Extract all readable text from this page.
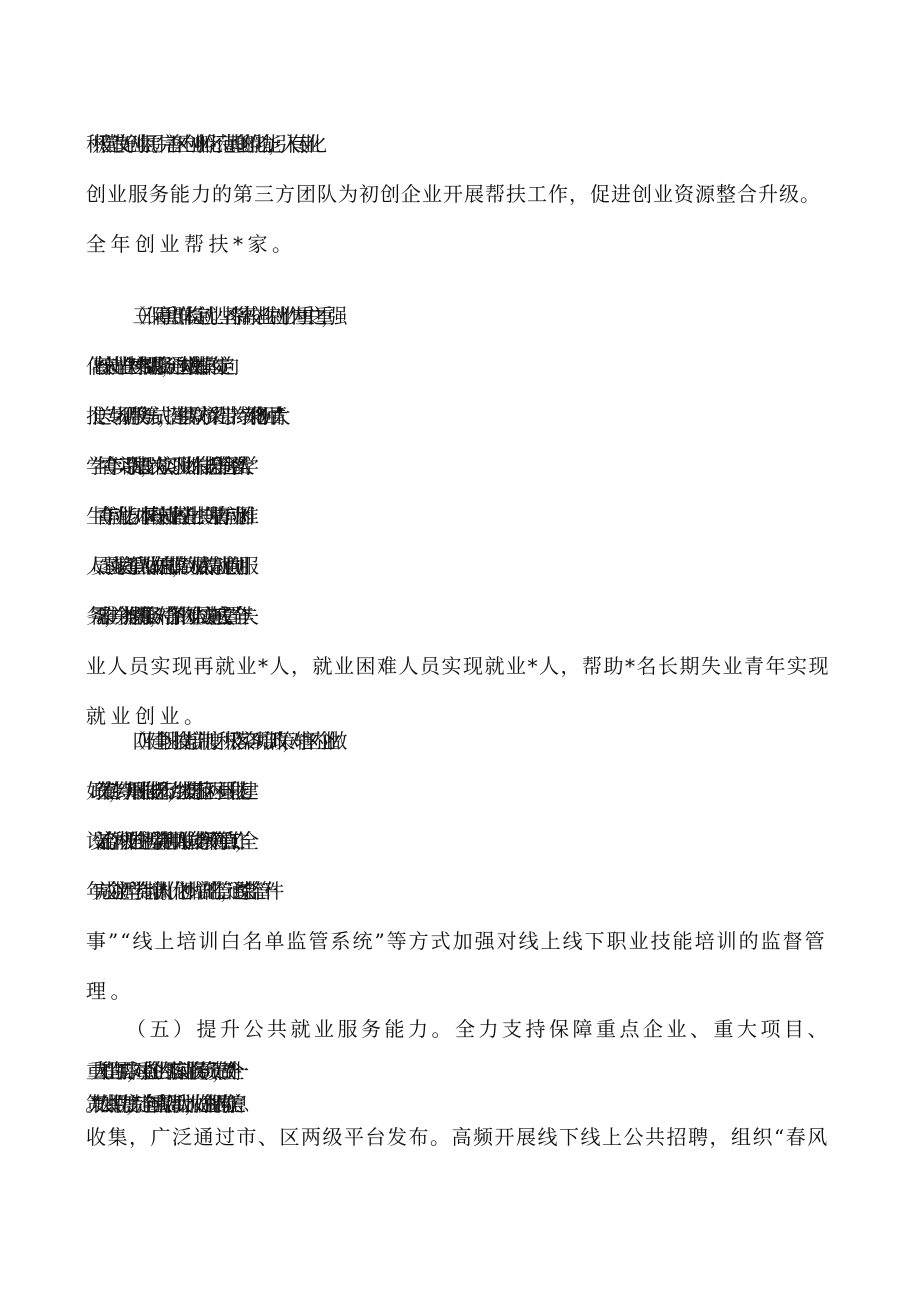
积极营造良好创业氛围。完善区内创业孵化示范基地的孵化功能，引入有专业化
创业服务能力的第三方团队为初创企业开展帮扶工作，促进创业资源整合升级。
全年创业帮扶*家。
（三）保障重点群体稳定就业。坚持将高校毕业生就业作为重中之重，强
化离校未就业毕业生“一对一”实名制跟踪服务，通过岗位收集排摸、岗位定向
推送、专场招聘服务等方式，搭建供需双方桥梁纽带。持续深化“扬帆回青”大
学生（青年）实习品牌建设，以岗位实习、职业训练、技能提升等途径增强大学
生（青年）就业能力。对本区离校未就业高校毕业生、长期失业青年、就业困难
人员、零就业家庭等重点人群做好信息排摸，做到人员底数清、就业意向明、服
务需求准，并分类提供精准服务，对符合条件的困难人员实施托底安置。全年失
业人员实现再就业*人，就业困难人员实现就业*人，帮助*名长期失业青年实现
就业创业。
（四）健全职业技能培训制度。积极落实各项培训政策，对辖区内企业做
好政策宣传，持续开展职业技能提升行动，继续推进示范区两区一县职业能力建
设交流合作。积极推进企业新型学徒制和用人单位技能等级评价等重点工作，全
年完成企业新型学徒制培训*人。优化补贴培训的监管，通过“综合监管一件
事”“线上培训白名单监管系统”等方式加强对线上线下职业技能培训的监督管
理。
（五）提升公共就业服务能力。全力支持保障重点企业、重大项目、
重大工程的用工需求，对重点企业的用工落实就业服务专员负责，做到“一企一
策”。加大公共招聘力度，制定全年重点招聘活动计划，做好企业招聘岗位信息
收集，广泛通过市、区两级平台发布。高频开展线下线上公共招聘，组织“春风
